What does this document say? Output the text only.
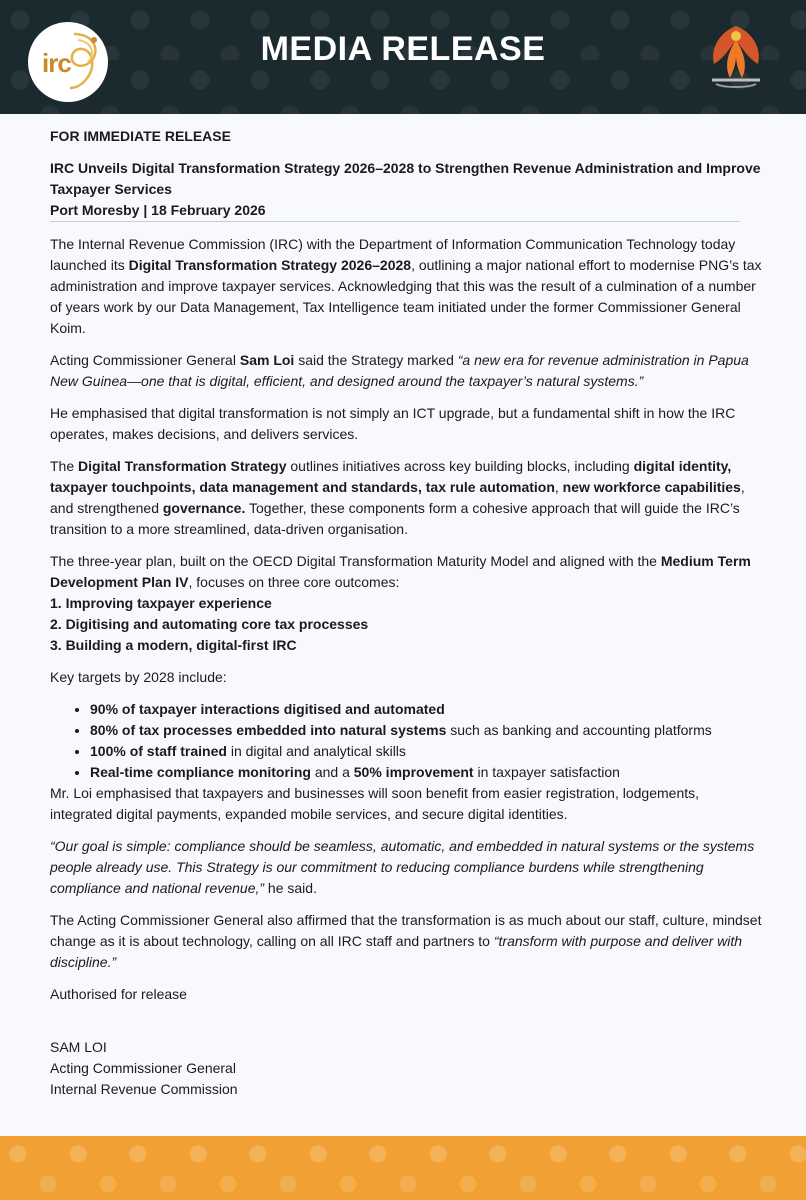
irc	MEDIA RELEASE

FOR IMMEDIATE RELEASE

IRC Unveils Digital Transformation Strategy 2026–2028 to Strengthen Revenue Administration and Improve Taxpayer Services

Port Moresby | 18 February 2026

The Internal Revenue Commission (IRC) with the Department of Information Communication Technology today launched its Digital Transformation Strategy 2026–2028, outlining a major national effort to modernise PNG’s tax administration and improve taxpayer services. Acknowledging that this was the result of a culmination of a number of years work by our Data Management, Tax Intelligence team initiated under the former Commissioner General Koim.

Acting Commissioner General Sam Loi said the Strategy marked “a new era for revenue administration in Papua New Guinea—one that is digital, efficient, and designed around the taxpayer’s natural systems.”

He emphasised that digital transformation is not simply an ICT upgrade, but a fundamental shift in how the IRC operates, makes decisions, and delivers services.

The Digital Transformation Strategy outlines initiatives across key building blocks, including digital identity, taxpayer touchpoints, data management and standards, tax rule automation, new workforce capabilities, and strengthened governance. Together, these components form a cohesive approach that will guide the IRC’s transition to a more streamlined, data-driven organisation.

The three-year plan, built on the OECD Digital Transformation Maturity Model and aligned with the Medium Term Development Plan IV, focuses on three core outcomes:

1. Improving taxpayer experience

2. Digitising and automating core tax processes

3. Building a modern, digital-first IRC

Key targets by 2028 include:

• 90% of taxpayer interactions digitised and automated
• 80% of tax processes embedded into natural systems such as banking and accounting platforms
• 100% of staff trained in digital and analytical skills
• Real-time compliance monitoring and a 50% improvement in taxpayer satisfaction

Mr. Loi emphasised that taxpayers and businesses will soon benefit from easier registration, lodgements, integrated digital payments, expanded mobile services, and secure digital identities.

“Our goal is simple: compliance should be seamless, automatic, and embedded in natural systems or the systems people already use. This Strategy is our commitment to reducing compliance burdens while strengthening compliance and national revenue,” he said.

The Acting Commissioner General also affirmed that the transformation is as much about our staff, culture, mindset change as it is about technology, calling on all IRC staff and partners to “transform with purpose and deliver with discipline.”

Authorised for release

SAM LOI

Acting Commissioner General

Internal Revenue Commission
